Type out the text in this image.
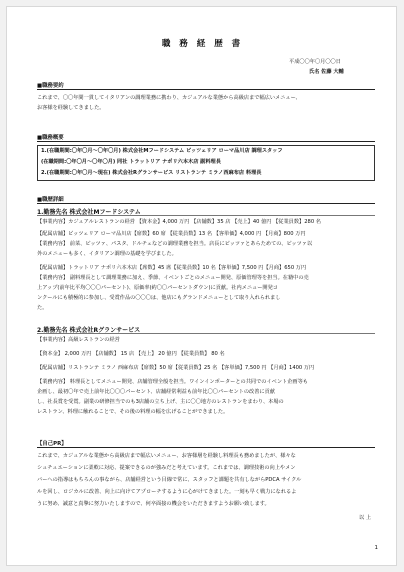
職 務 経 歴 書
平成〇〇年〇月〇〇日
氏名 佐藤 大輔
■職務要約
これまで、〇〇年間一貫してイタリアンの調理業務に携わり、カジュアルな業態から高級店まで幅広いメニュー、
お客様を経験してきました。
■職務概要
1.(在職期間:〇年〇月〜〇年〇月) 株式会社Mフードシステム ピッツェリア ローマ品川店 調理スタッフ
(在職期間:〇年〇月〜〇年〇月) 同社 トラットリア ナポリ六本木店 副料理長
2.(在職期間:〇年〇月〜現在) 株式会社Rグランサービス リストランテ ミラノ西麻布店 料理長
■職歴詳細
1.勤務先名 株式会社Mフードシステム
【事業内容】カジュアルレストランの経営 【資本金】4,000 万円 【店舗数】35 店 【売上】40 億円 【従業員数】280 名
【配属店舗】ピッツェリア ローマ品川店【席数】60 席 【従業員数】13 名 【客単価】4,000 円 【月商】800 万円
【業務内容】 前菜、ピッツァ、パスタ、ドルチェなどの調理業務を担当。店長にピッツァとあらためての、ピッツァ以
外のメニューも多く、イタリアン調理の基礎を学びました。
【配属店舗】トラットリア ナポリ六本木店【席数】45 席【従業員数】10 名【客単価】7,500 円【月商】650 万円
【業務内容】 副料理長として調理業務に加え、季節、イベントごとのメニュー開発、原価管理等を担当。在籍中の売
上アップ(前年比平均〇〇〇パーセント)、原価率(約〇〇パーセントダウン)に貢献。社内メニュー開発コ
ンクールにも積極的に参加し、受賞作品の〇〇〇は、他店にもグランドメニューとして取り入れられまし
た。
2.勤務先名 株式会社Rグランサービス
【事業内容】高級レストランの経営
【資本金】 2,000 万円 【店舗数】 15 店 【売上】 20 億円 【従業員数】 80 名
【配属店舗】リストランテ ミラノ 西麻布店【席数】50 席【従業員数】25 名 【客単価】7,500 円 【月商】1400 万円
【業務内容】 料理長としてメニュー開発、店舗管理全般を担当。ワインインポーターとの共同でのイベント企画等も
企画し、最初〇年で売上前年比〇〇〇パーセント、店舗経常利益も前年比〇〇パーセントの改善に貢献
し、社長賞を受賞。副業の研修担当でのも3店舗の立ち上げ、主に〇〇地方のレストランをまわり、本場の
レストラン、料理に触れることで、その後の料理の幅を広げることができました。
【自己PR】
これまで、カジュアルな業態から高級店まで幅広いメニュー、お客様層を経験し料理長も務めましたが、様々な
シュチュエーションに柔軟に対応、提案できるのが強みだと考えています。これまでは、調理技術の向上やメン
バーへの指導はもちろんの事ながら、店舗経営という目線で常に、スタッフと課題を共有しながらPDCA サイクル
ルを回し、ロジカルに改善、向上に向けてアプローチするように心がけてきました。一刻も早く戦力になれるよ
うに努め、誠意と真摯に努力いたしますので、何卒面接の機会をいただきますようお願い致します。
以 上
1
